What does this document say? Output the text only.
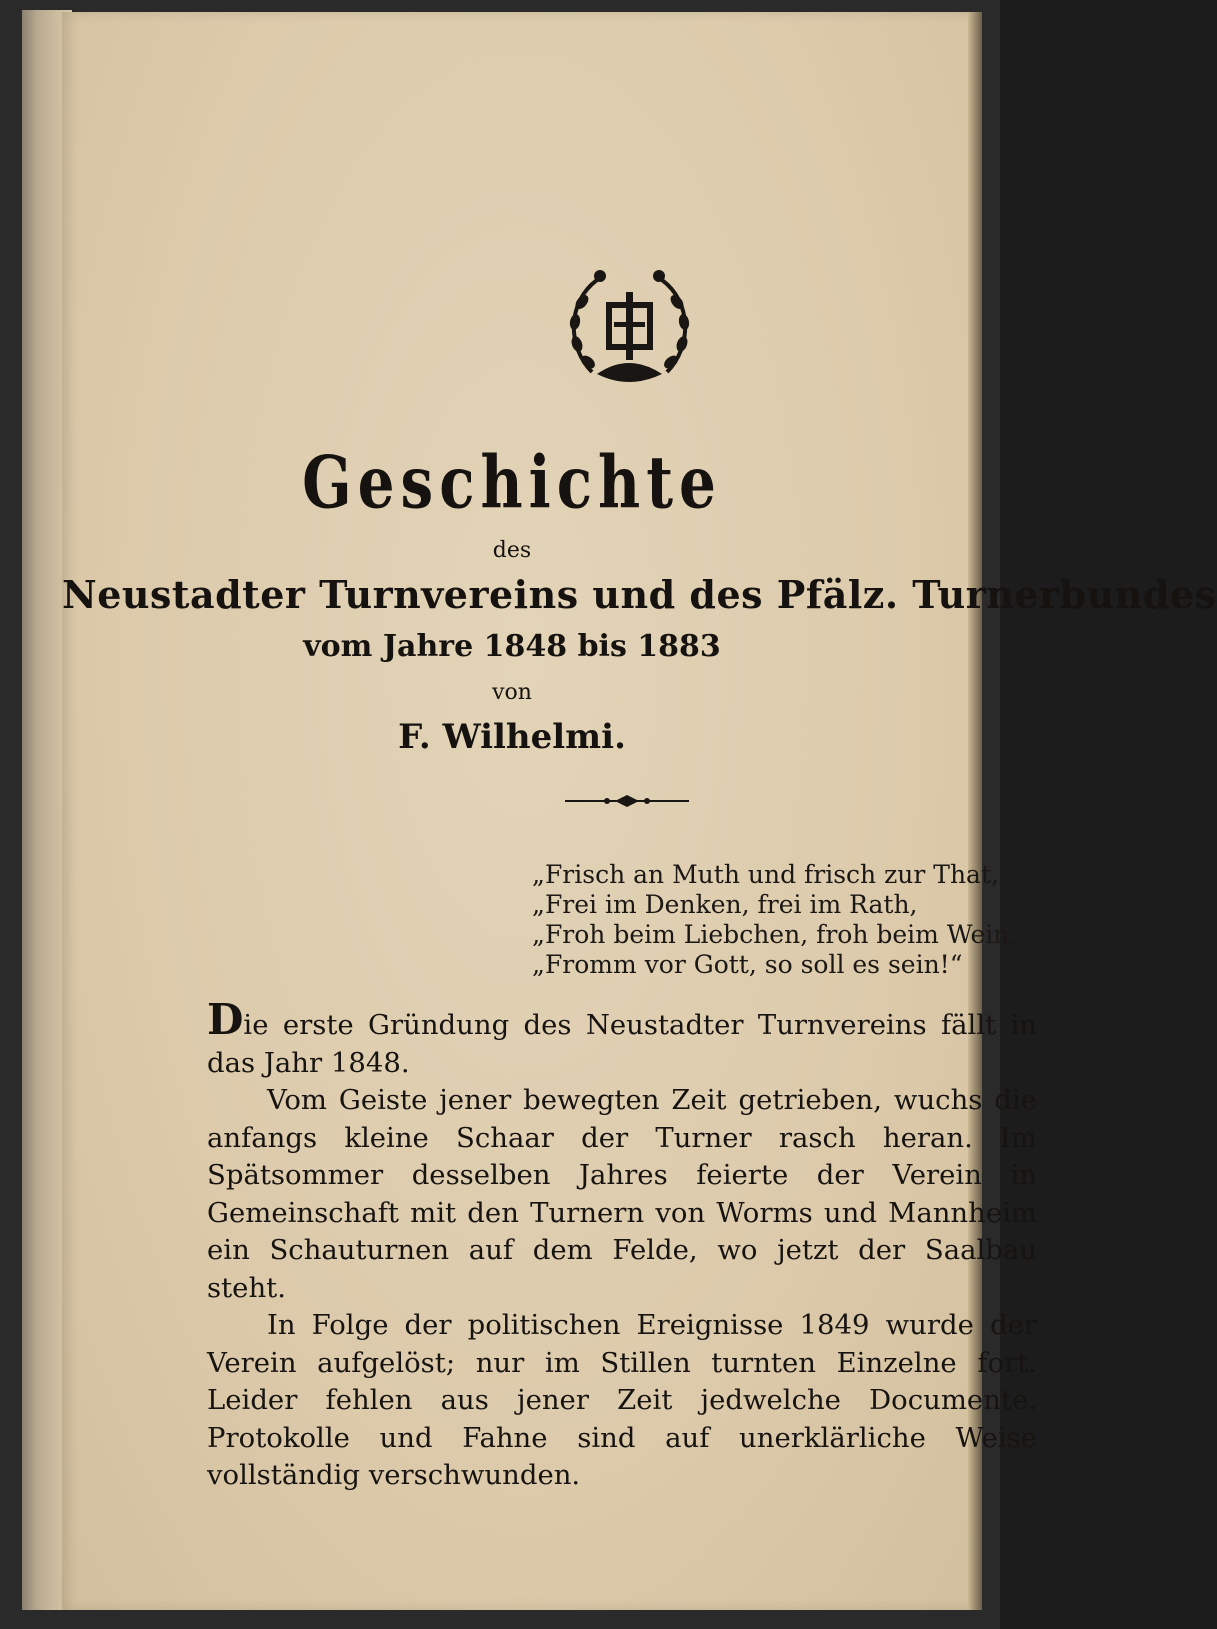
Geschichte
des
Neustadter Turnvereins und des Pfälz. Turnerbundes
vom Jahre 1848 bis 1883
von
F. Wilhelmi.
„Frisch an Muth und frisch zur That,
„Frei im Denken, frei im Rath,
„Froh beim Liebchen, froh beim Wein,
„Fromm vor Gott, so soll es sein!“

Die erste Gründung des Neustadter Turnvereins fällt in das Jahr 1848.

Vom Geiste jener bewegten Zeit getrieben, wuchs die anfangs kleine Schaar der Turner rasch heran. Im Spätsommer desselben Jahres feierte der Verein in Gemeinschaft mit den Turnern von Worms und Mannheim ein Schauturnen auf dem Felde, wo jetzt der Saalbau steht.

In Folge der politischen Ereignisse 1849 wurde der Verein aufgelöst; nur im Stillen turnten Einzelne fort. Leider fehlen aus jener Zeit jedwelche Documente. Protokolle und Fahne sind auf unerklärliche Weise vollständig verschwunden.
